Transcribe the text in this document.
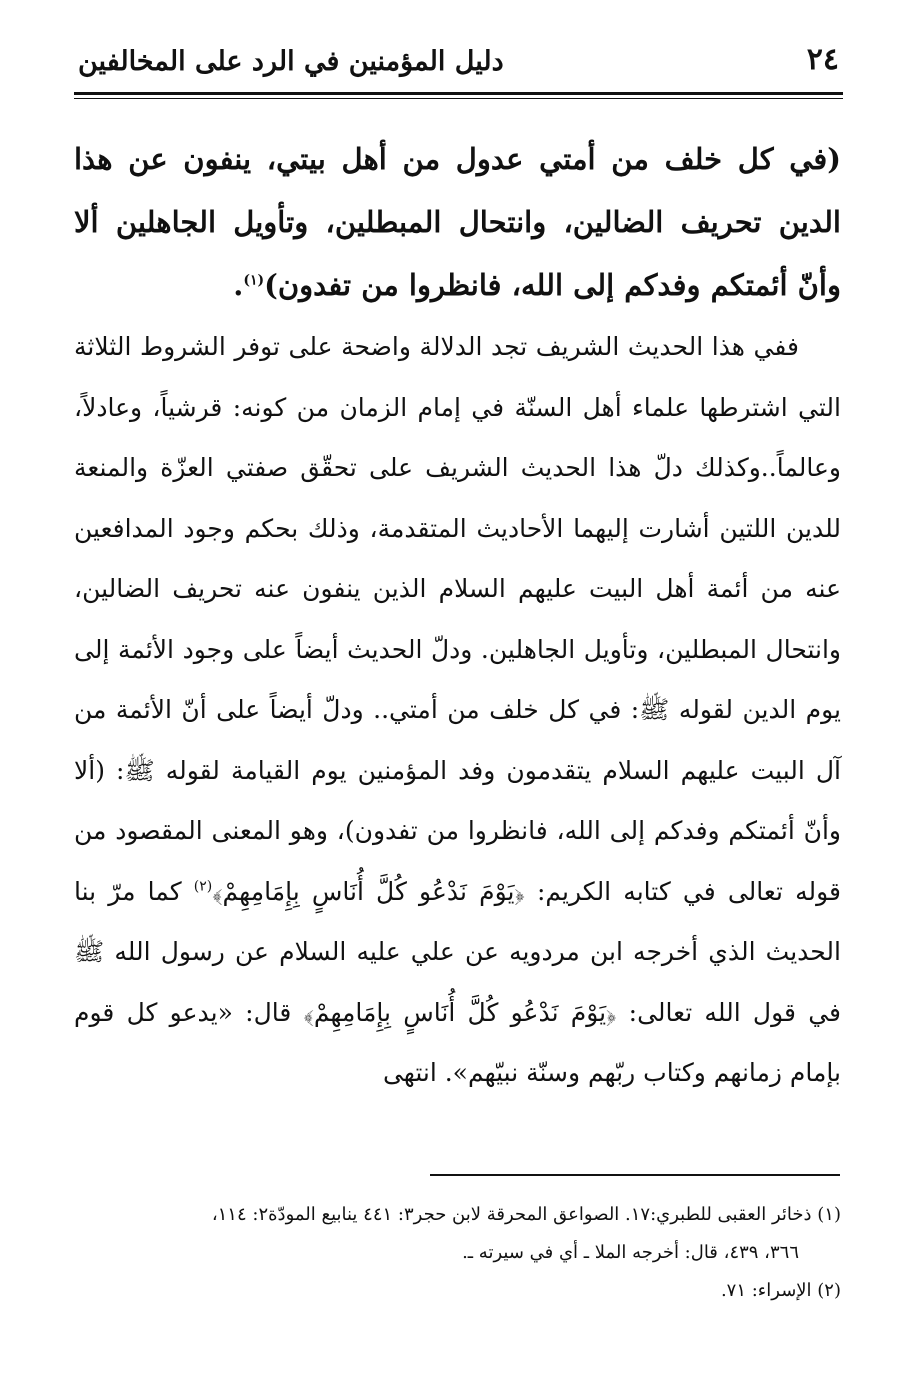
٢٤
دليل المؤمنين في الرد على المخالفين

(في كل خلف من أمتي عدول من أهل بيتي، ينفون عن هذا الدين تحريف الضالين، وانتحال المبطلين، وتأويل الجاهلين ألا وأنّ أئمتكم وفدكم إلى الله، فانظروا من تفدون)$^{(١)}$.

ففي هذا الحديث الشريف تجد الدلالة واضحة على توفر الشروط الثلاثة التي اشترطها علماء أهل السنّة في إمام الزمان من كونه: قرشياً، وعادلاً، وعالماً..وكذلك دلّ هذا الحديث الشريف على تحقّق صفتي العزّة والمنعة للدين اللتين أشارت إليهما الأحاديث المتقدمة، وذلك بحكم وجود المدافعين عنه من أئمة أهل البيت عليهم السلام الذين ينفون عنه تحريف الضالين، وانتحال المبطلين، وتأويل الجاهلين. ودلّ الحديث أيضاً على وجود الأئمة إلى يوم الدين لقوله ﷺ: في كل خلف من أمتي.. ودلّ أيضاً على أنّ الأئمة من آل البيت عليهم السلام يتقدمون وفد المؤمنين يوم القيامة لقوله ﷺ: (ألا وأنّ أئمتكم وفدكم إلى الله، فانظروا من تفدون)، وهو المعنى المقصود من قوله تعالى في كتابه الكريم: ﴿يَوْمَ نَدْعُو كُلَّ أُنَاسٍ بِإِمَامِهِمْ﴾$^{(٢)}$ كما مرّ بنا الحديث الذي أخرجه ابن مردويه عن علي عليه السلام عن رسول الله ﷺ في قول الله تعالى: ﴿يَوْمَ نَدْعُو كُلَّ أُنَاسٍ بِإِمَامِهِمْ﴾ قال: «يدعو كل قوم بإمام زمانهم وكتاب ربّهم وسنّة نبيّهم». انتهى

(١) ذخائر العقبى للطبري:١٧. الصواعق المحرقة لابن حجر٣: ٤٤١ ينابيع المودّة٢: ١١٤،

٣٦٦، ٤٣٩، قال: أخرجه الملا ـ أي في سيرته ـ.

(٢) الإسراء: ٧١.
